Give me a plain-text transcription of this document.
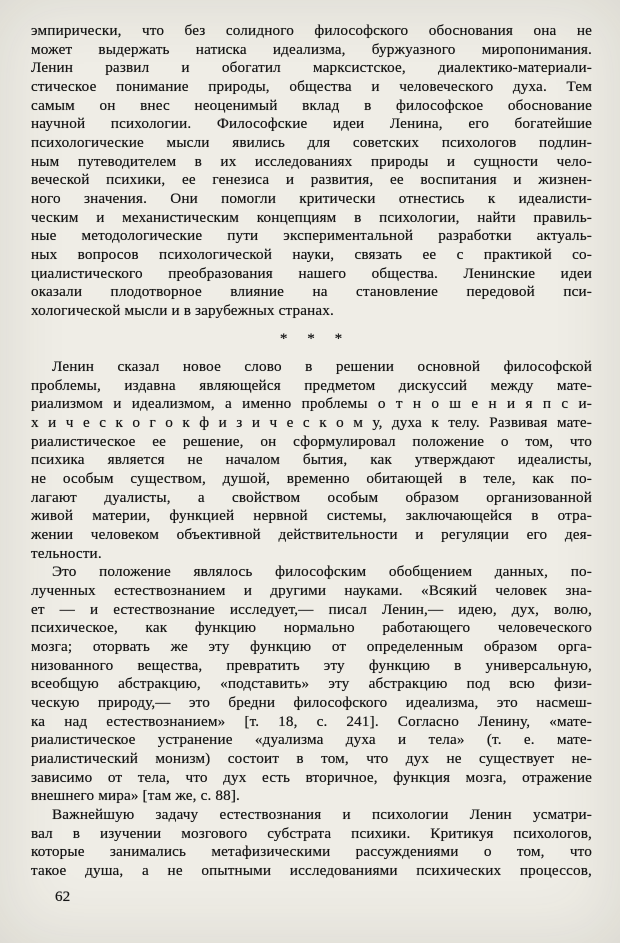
эмпирически, что без солидного философского обоснования она не
может выдержать натиска идеализма, буржуазного миропонимания.
Ленин развил и обогатил марксистское, диалектико-материали-
стическое понимание природы, общества и человеческого духа. Тем
самым он внес неоценимый вклад в философское обоснование
научной психологии. Философские идеи Ленина, его богатейшие
психологические мысли явились для советских психологов подлин-
ным путеводителем в их исследованиях природы и сущности чело-
веческой психики, ее генезиса и развития, ее воспитания и жизнен-
ного значения. Они помогли критически отнестись к идеалисти-
ческим и механистическим концепциям в психологии, найти правиль-
ные методологические пути экспериментальной разработки актуаль-
ных вопросов психологической науки, связать ее с практикой со-
циалистического преобразования нашего общества. Ленинские идеи
оказали плодотворное влияние на становление передовой пси-
хологической мысли и в зарубежных странах.
* * *
Ленин сказал новое слово в решении основной философской
проблемы, издавна являющейся предметом дискуссий между мате-
риализмом и идеализмом, а именно проблемы о т н о ш е н и я п с и-
х и ч е с к о г о к ф и з и ч е с к о м у, духа к телу. Развивая мате-
риалистическое ее решение, он сформулировал положение о том, что
психика является не началом бытия, как утверждают идеалисты,
не особым существом, душой, временно обитающей в теле, как по-
лагают дуалисты, а свойством особым образом организованной
живой материи, функцией нервной системы, заключающейся в отра-
жении человеком объективной действительности и регуляции его дея-
тельности.
Это положение являлось философским обобщением данных, по-
лученных естествознанием и другими науками. «Всякий человек зна-
ет — и естествознание исследует,— писал Ленин,— идею, дух, волю,
психическое, как функцию нормально работающего человеческого
мозга; оторвать же эту функцию от определенным образом орга-
низованного вещества, превратить эту функцию в универсальную,
всеобщую абстракцию, «подставить» эту абстракцию под всю физи-
ческую природу,— это бредни философского идеализма, это насмеш-
ка над естествознанием» [т. 18, с. 241]. Согласно Ленину, «мате-
риалистическое устранение «дуализма духа и тела» (т. е. мате-
риалистический монизм) состоит в том, что дух не существует не-
зависимо от тела, что дух есть вторичное, функция мозга, отражение
внешнего мира» [там же, с. 88].
Важнейшую задачу естествознания и психологии Ленин усматри-
вал в изучении мозгового субстрата психики. Критикуя психологов,
которые занимались метафизическими рассуждениями о том, что
такое душа, а не опытными исследованиями психических процессов,
62
